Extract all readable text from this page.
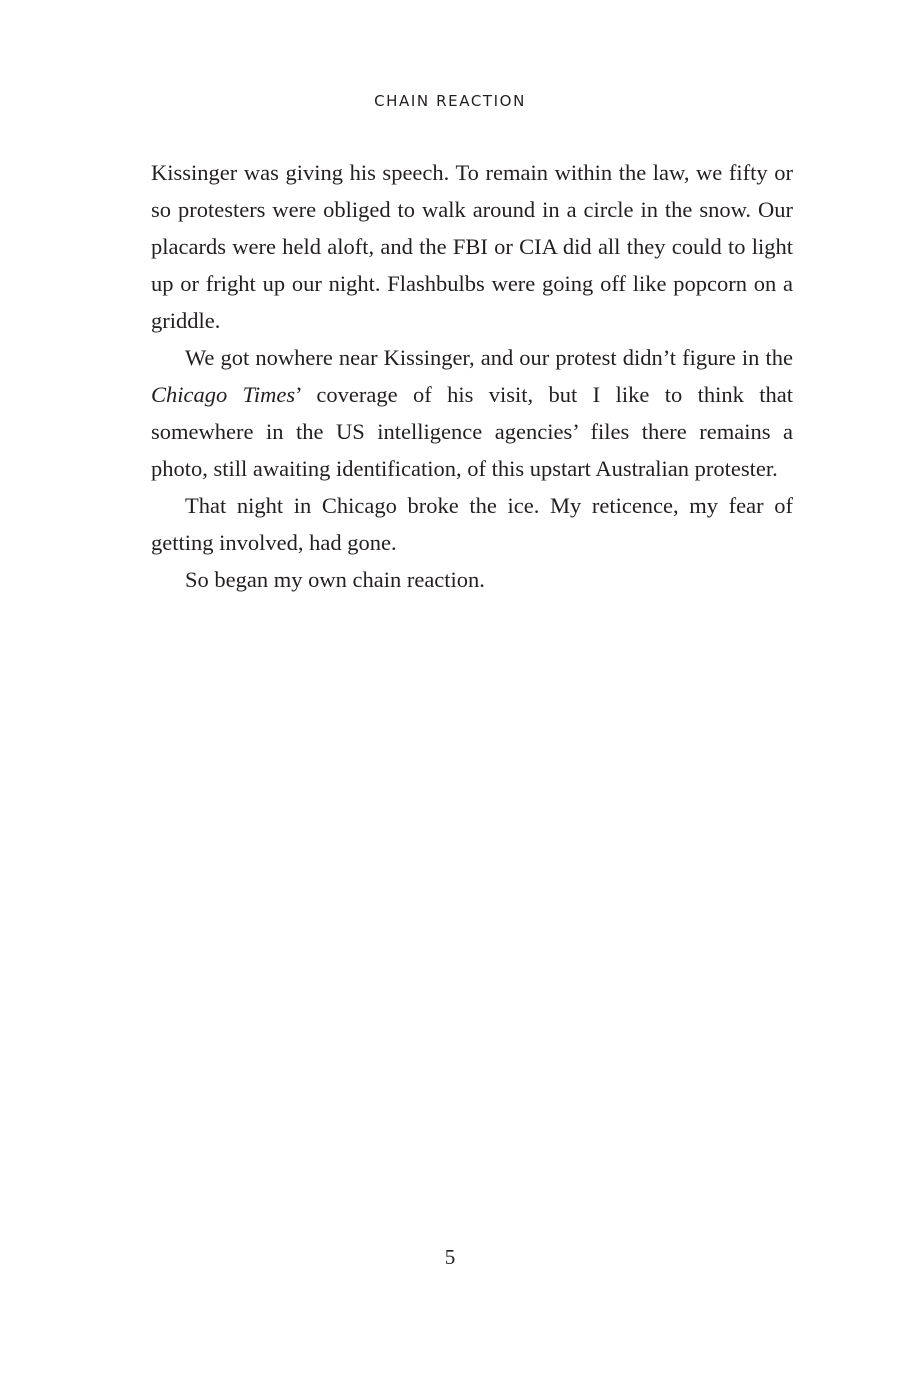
CHAIN REACTION

Kissinger was giving his speech. To remain within the law, we fifty or so protesters were obliged to walk around in a circle in the snow. Our placards were held aloft, and the FBI or CIA did all they could to light up or fright up our night. Flashbulbs were going off like popcorn on a griddle.

We got nowhere near Kissinger, and our protest didn’t figure in the Chicago Times’ coverage of his visit, but I like to think that somewhere in the US intelligence agencies’ files there remains a photo, still awaiting identification, of this upstart Australian protester.

That night in Chicago broke the ice. My reticence, my fear of getting involved, had gone.

So began my own chain reaction.

5
